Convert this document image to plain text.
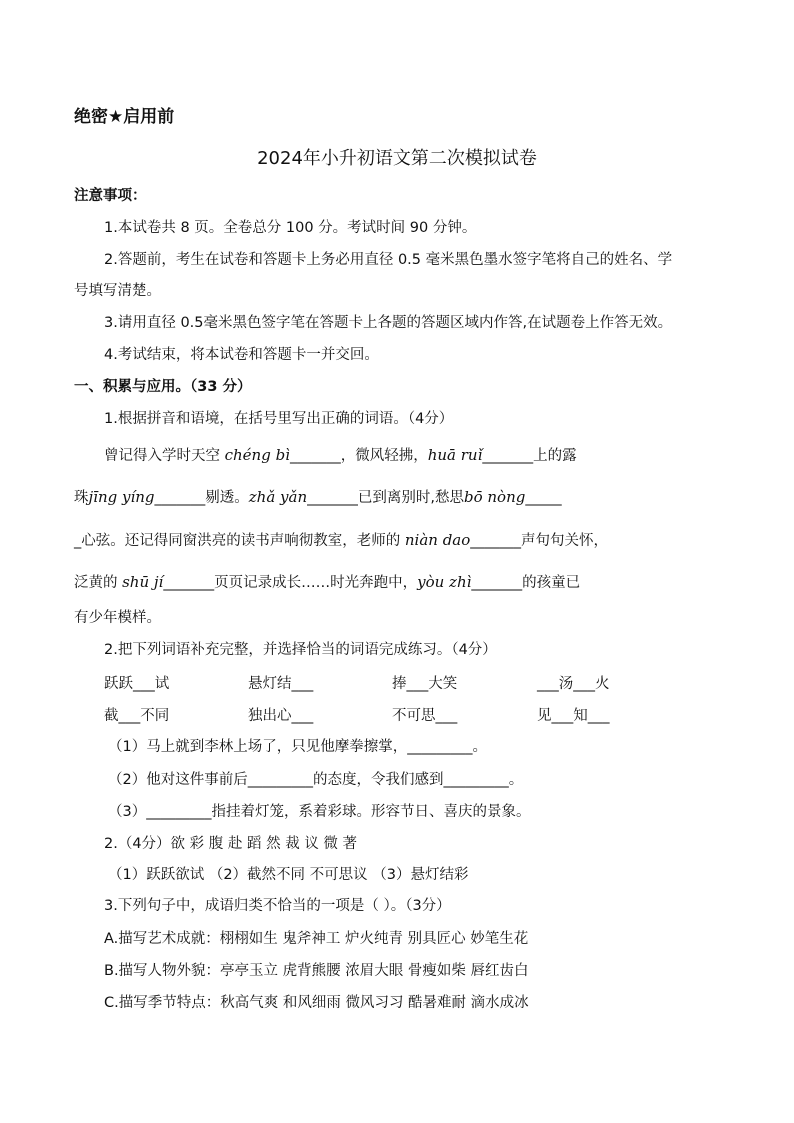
绝密★启用前
2024年小升初语文第二次模拟试卷
注意事项：
1.本试卷共 8 页。全卷总分 100 分。考试时间 90 分钟。
2.答题前，考生在试卷和答题卡上务必用直径 0.5 毫米黑色墨水签字笔将自己的姓名、学
号填写清楚。
3.请用直径 0.5毫米黑色签字笔在答题卡上各题的答题区域内作答,在试题卷上作答无效。
4.考试结束，将本试卷和答题卡一并交回。
一、积累与应用。（33 分）
1.根据拼音和语境，在括号里写出正确的词语。（4分）
曾记得入学时天空 chéng bì_______，微风轻拂，huā ruǐ_______上的露
珠jīng yíng_______剔透。zhǎ yǎn_______已到离别时,愁思bō nòng_____
_心弦。还记得同窗洪亮的读书声响彻教室，老师的 niàn dao_______声句句关怀，
泛黄的 shū jí_______页页记录成长……时光奔跑中，yòu zhì_______的孩童已
有少年模样。
2.把下列词语补充完整，并选择恰当的词语完成练习。（4分）
跃跃___试	悬灯结___	捧___大笑	___汤___火
截___不同	独出心___	不可思___	见___知___
（1）马上就到李林上场了，只见他摩拳擦掌，_________。
（2）他对这件事前后_________的态度，令我们感到_________。
（3）_________指挂着灯笼，系着彩球。形容节日、喜庆的景象。
2.（4分）欲 彩 腹 赴 蹈 然 裁 议 微 著
（1）跃跃欲试 （2）截然不同 不可思议 （3）悬灯结彩
3.下列句子中，成语归类不恰当的一项是（ ）。（3分）
A.描写艺术成就：栩栩如生 鬼斧神工 炉火纯青 别具匠心 妙笔生花
B.描写人物外貌：亭亭玉立 虎背熊腰 浓眉大眼 骨瘦如柴 唇红齿白
C.描写季节特点：秋高气爽 和风细雨 微风习习 酷暑难耐 滴水成冰
